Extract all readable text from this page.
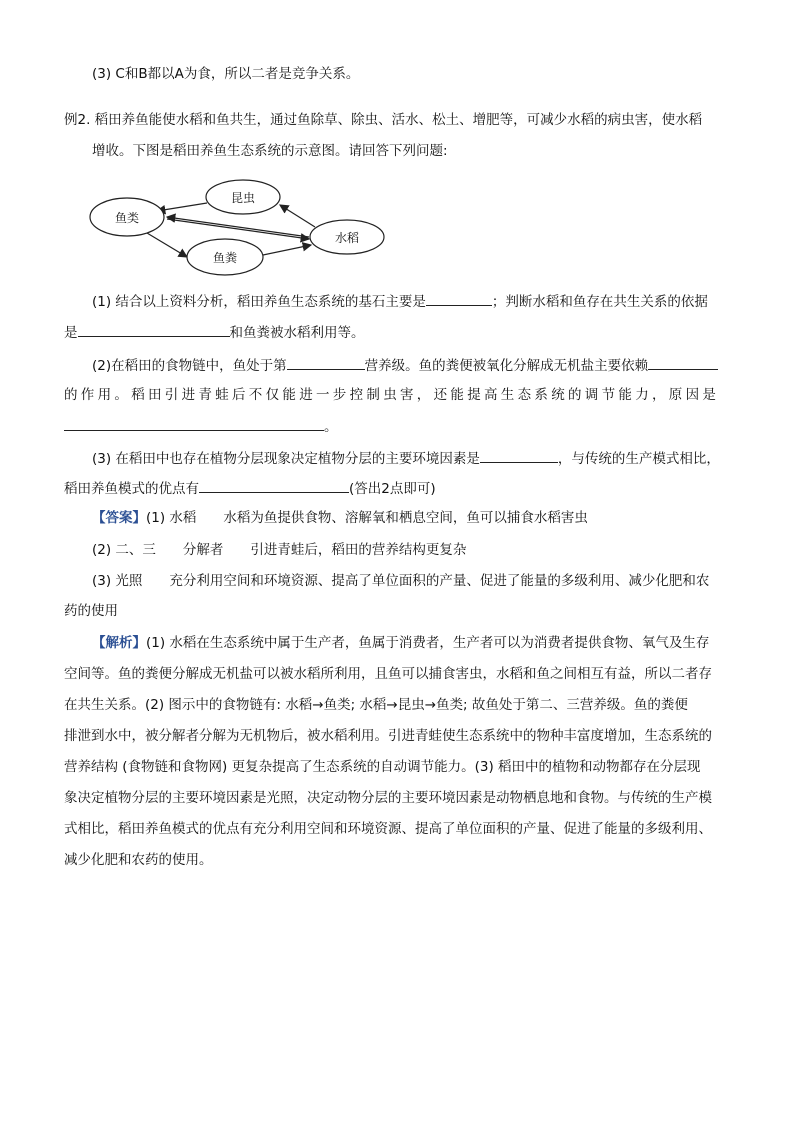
(3) C和B都以A为食，所以二者是竞争关系。
例2. 稻田养鱼能使水稻和鱼共生，通过鱼除草、除虫、活水、松土、增肥等，可减少水稻的病虫害，使水稻
增收。下图是稻田养鱼生态系统的示意图。请回答下列问题:
昆虫
鱼类
水稻
鱼粪
(1) 结合以上资料分析，稻田养鱼生态系统的基石主要是	；判断水稻和鱼存在共生关系的依据
是	和鱼粪被水稻利用等。
(2)在稻田的食物链中，鱼处于第	营养级。鱼的粪便被氧化分解成无机盐主要依赖
的作用。稻田引进青蛙后不仅能进一步控制虫害，还能提高生态系统的调节能力，原因是
。
(3) 在稻田中也存在植物分层现象决定植物分层的主要环境因素是	，与传统的生产模式相比，
稻田养鱼模式的优点有	(答出2点即可)
【答案】(1) 水稻　　水稻为鱼提供食物、溶解氧和栖息空间，鱼可以捕食水稻害虫
(2) 二、三　　分解者　　引进青蛙后，稻田的营养结构更复杂
(3) 光照　　充分利用空间和环境资源、提高了单位面积的产量、促进了能量的多级利用、减少化肥和农
药的使用
【解析】(1) 水稻在生态系统中属于生产者，鱼属于消费者，生产者可以为消费者提供食物、氧气及生存
空间等。鱼的粪便分解成无机盐可以被水稻所利用，且鱼可以捕食害虫，水稻和鱼之间相互有益，所以二者存
在共生关系。(2) 图示中的食物链有: 水稻→鱼类; 水稻→昆虫→鱼类; 故鱼处于第二、三营养级。鱼的粪便
排泄到水中，被分解者分解为无机物后，被水稻利用。引进青蛙使生态系统中的物种丰富度增加，生态系统的
营养结构 (食物链和食物网) 更复杂提高了生态系统的自动调节能力。(3) 稻田中的植物和动物都存在分层现
象决定植物分层的主要环境因素是光照，决定动物分层的主要环境因素是动物栖息地和食物。与传统的生产模
式相比，稻田养鱼模式的优点有充分利用空间和环境资源、提高了单位面积的产量、促进了能量的多级利用、
减少化肥和农药的使用。
